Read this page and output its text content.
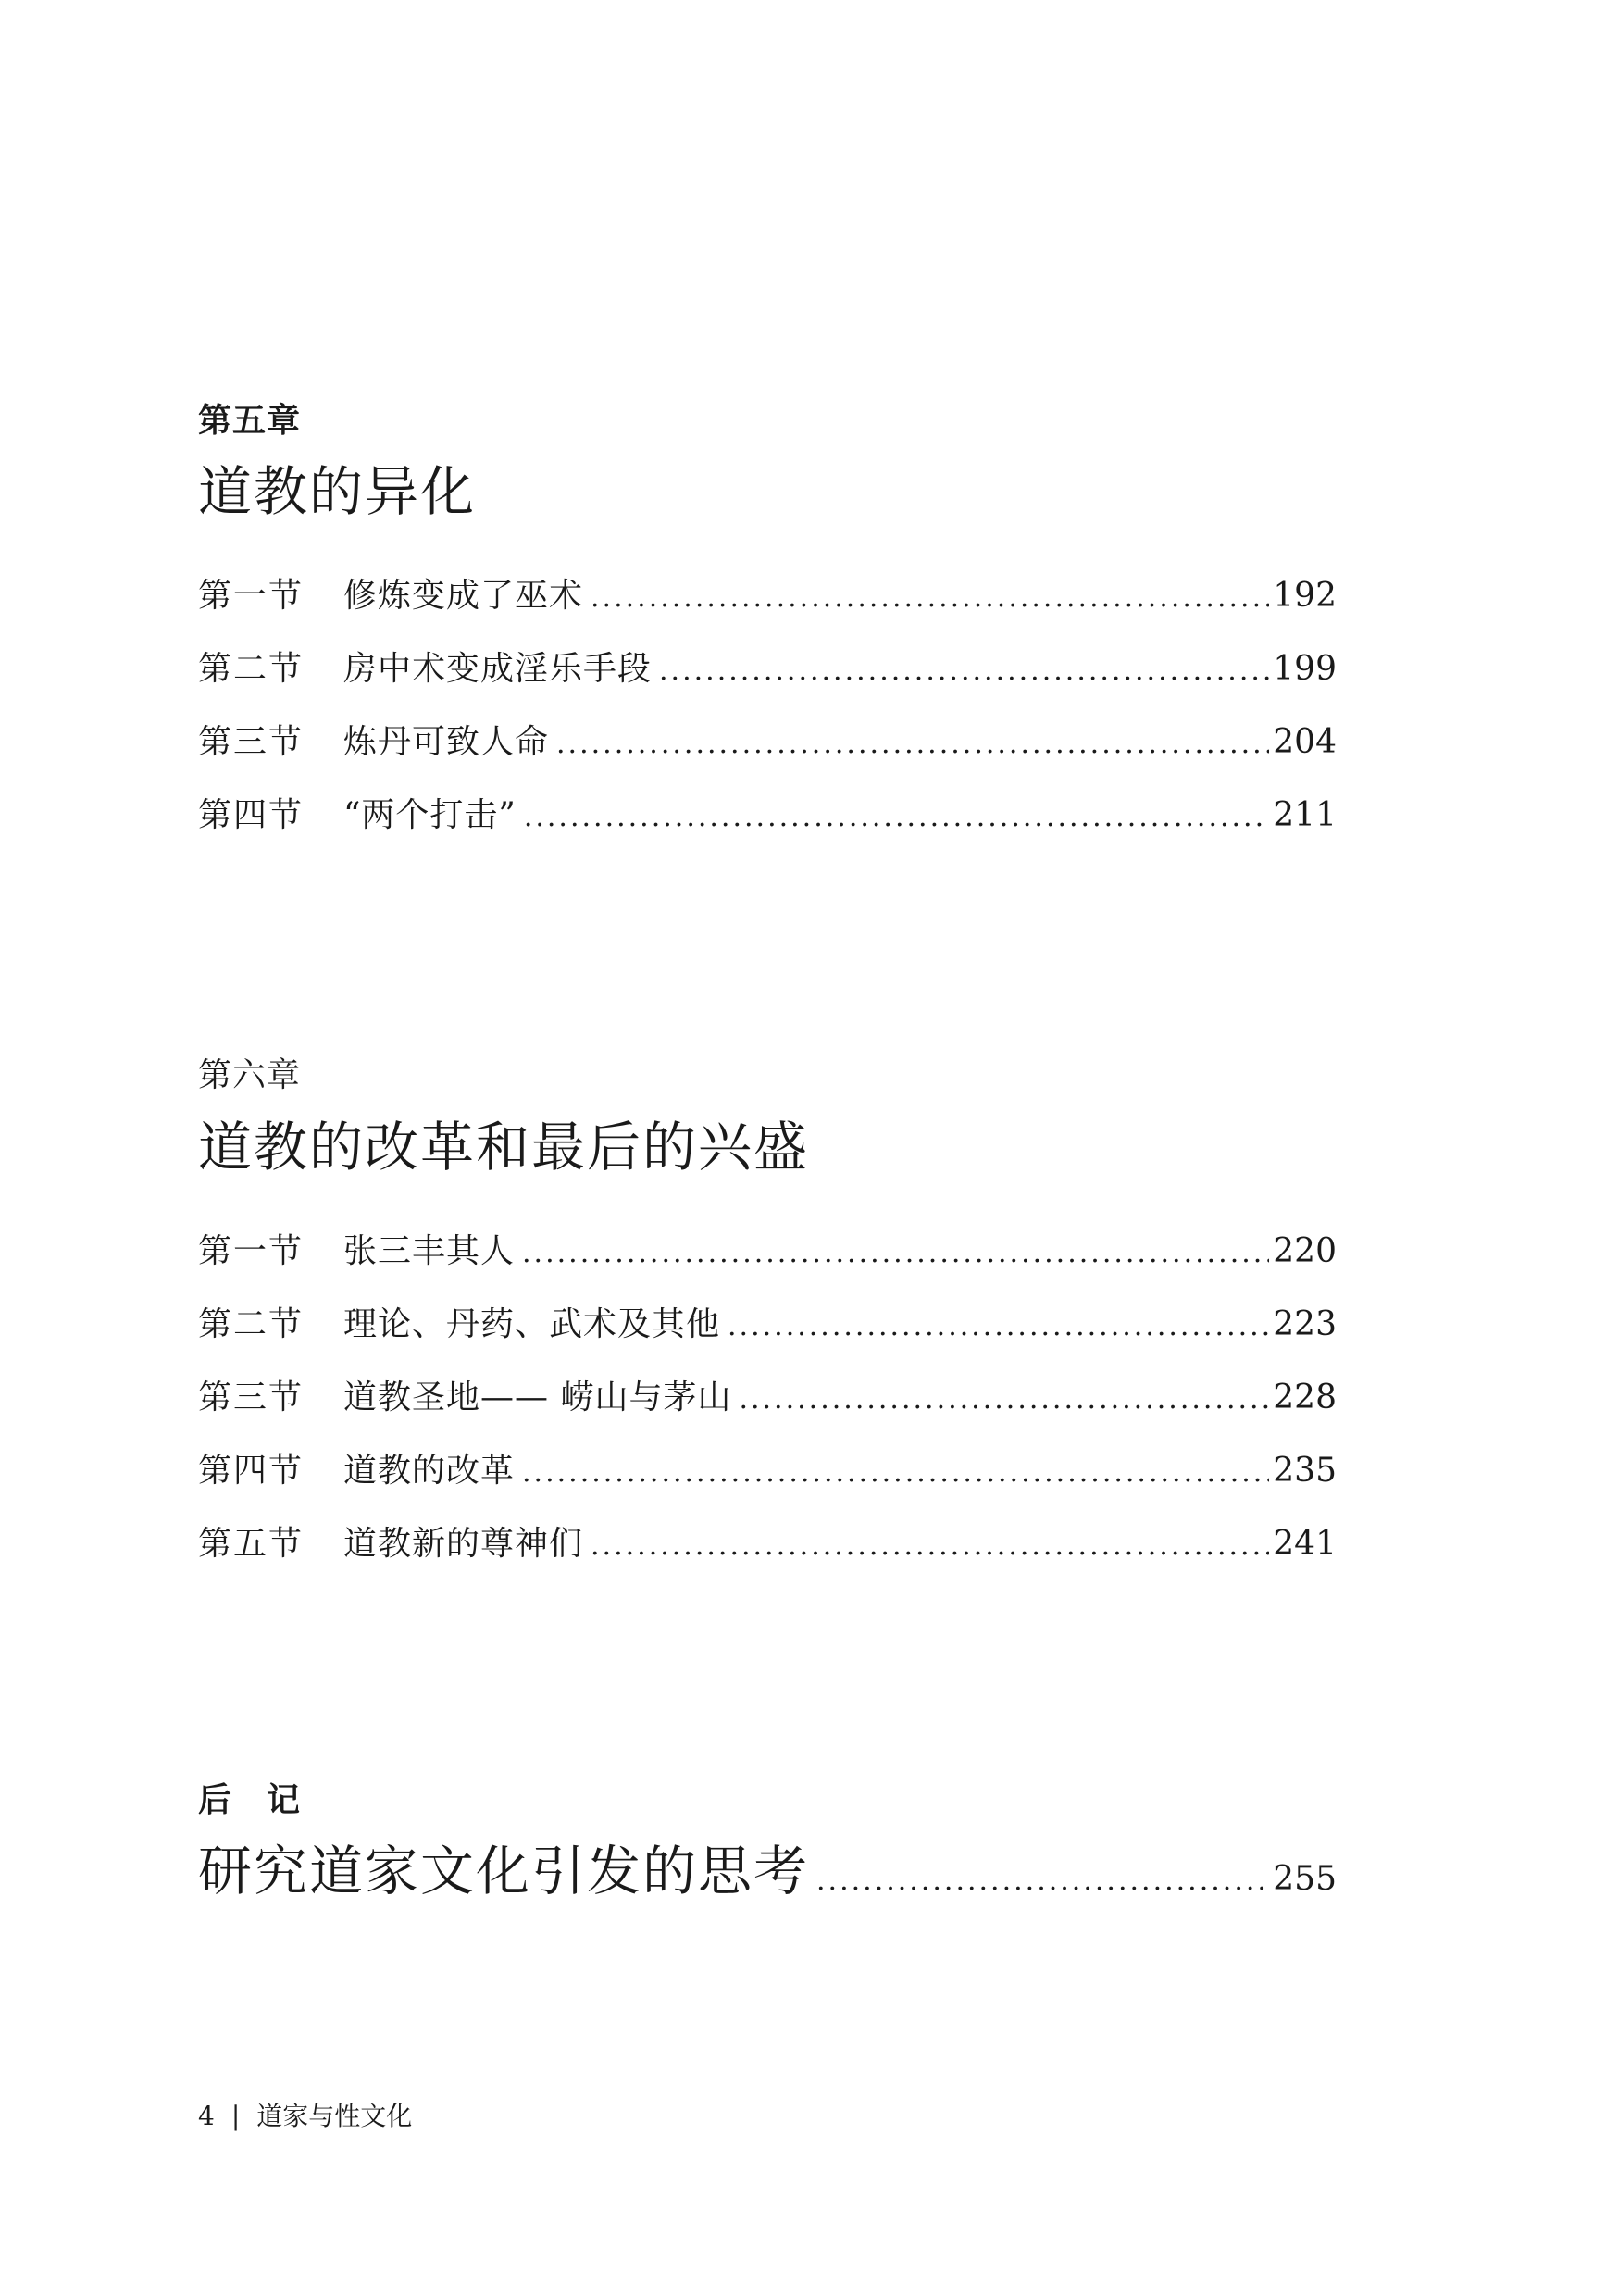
第五章
道教的异化
第一节	修炼变成了巫术 .....	192
第二节	房中术变成淫乐手段 .....	199
第三节	炼丹可致人命 .....	204
第四节	“两个打击” .....	211
第六章
道教的改革和最后的兴盛
第一节	张三丰其人 .....	220
第二节	理论、丹药、武术及其他 .....	223
第三节	道教圣地—— 崂山与茅山 .....	228
第四节	道教的改革 .....	235
第五节	道教新的尊神们 .....	241
后　记
研究道家文化引发的思考 .....	255
4 | 道家与性文化
